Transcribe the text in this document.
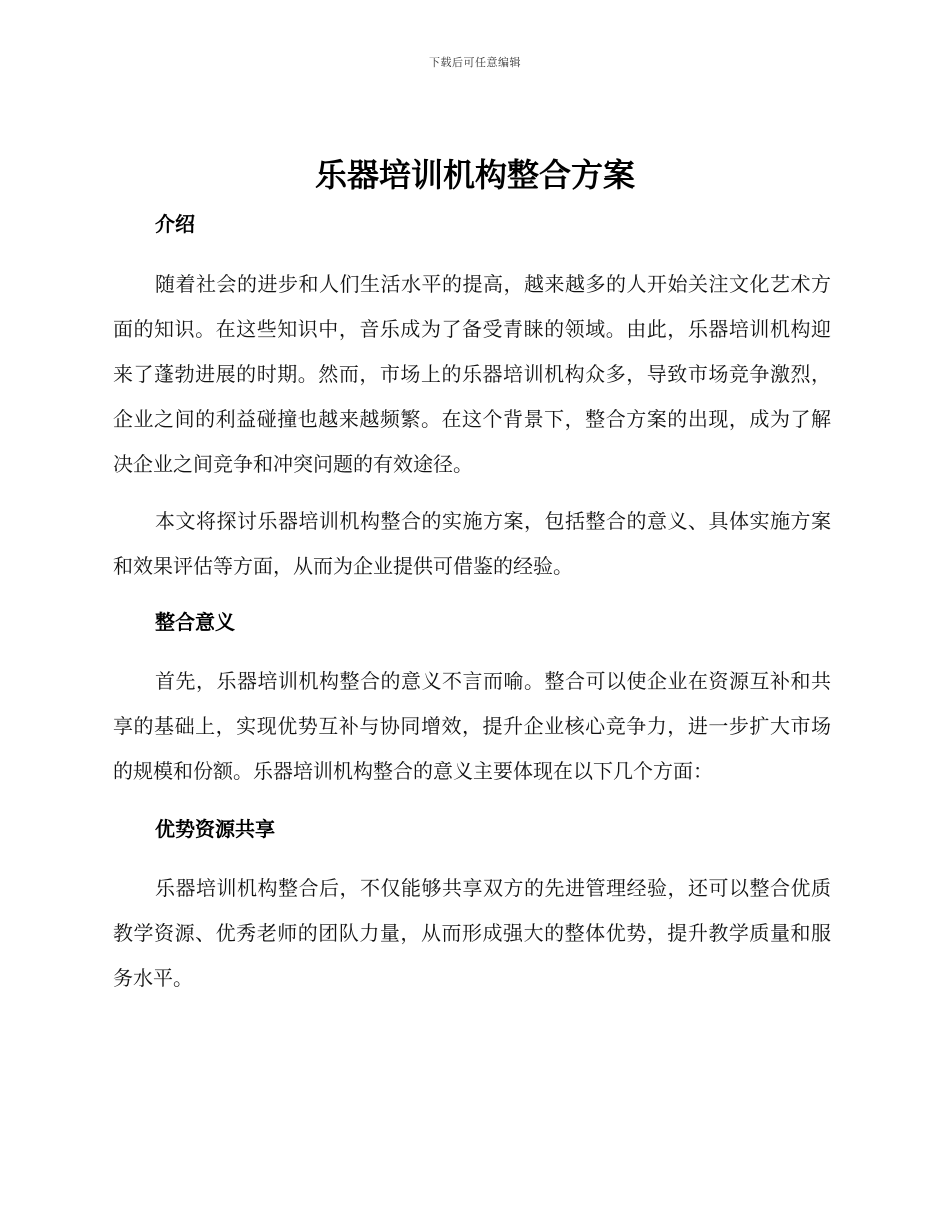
下载后可任意编辑
乐器培训机构整合方案
介绍

随着社会的进步和人们生活水平的提高，越来越多的人开始关注文化艺术方面的知识。在这些知识中，音乐成为了备受青睐的领域。由此，乐器培训机构迎来了蓬勃进展的时期。然而，市场上的乐器培训机构众多，导致市场竞争激烈，企业之间的利益碰撞也越来越频繁。在这个背景下，整合方案的出现，成为了解决企业之间竞争和冲突问题的有效途径。

本文将探讨乐器培训机构整合的实施方案，包括整合的意义、具体实施方案和效果评估等方面，从而为企业提供可借鉴的经验。

整合意义

首先，乐器培训机构整合的意义不言而喻。整合可以使企业在资源互补和共享的基础上，实现优势互补与协同增效，提升企业核心竞争力，进一步扩大市场的规模和份额。乐器培训机构整合的意义主要体现在以下几个方面：

优势资源共享

乐器培训机构整合后，不仅能够共享双方的先进管理经验，还可以整合优质教学资源、优秀老师的团队力量，从而形成强大的整体优势，提升教学质量和服务水平。
